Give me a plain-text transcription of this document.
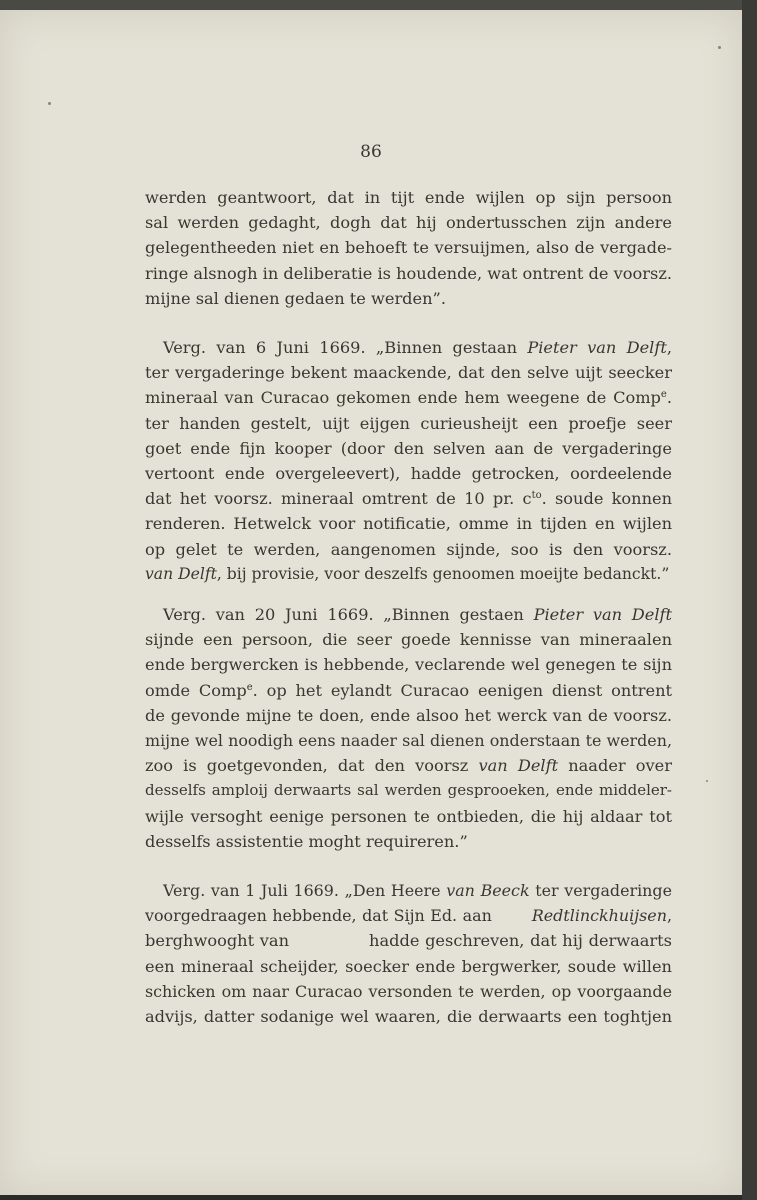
86
werden geantwoort, dat in tijt ende wijlen op sijn persoon
sal werden gedaght, dogh dat hij ondertusschen zijn andere
gelegentheeden niet en behoeft te versuijmen, also de vergade-
ringe alsnogh in deliberatie is houdende, wat ontrent de voorsz.
mijne sal dienen gedaen te werden”.
Verg. van 6 Juni 1669. „Binnen gestaan Pieter van Delft,
ter vergaderinge bekent maackende, dat den selve uijt seecker
mineraal van Curacao gekomen ende hem weegene de Comp$^e$.
ter handen gestelt, uijt eijgen curieusheijt een proefje seer
goet ende fijn kooper (door den selven aan de vergaderinge
vertoont ende overgeleevert), hadde getrocken, oordeelende
dat het voorsz. mineraal omtrent de 10 pr. $c^{to}$. soude konnen
renderen. Hetwelck voor notificatie, omme in tijden en wijlen
op gelet te werden, aangenomen sijnde, soo is den voorsz.
van Delft, bij provisie, voor deszelfs genoomen moeijte bedanckt.”
Verg. van 20 Juni 1669. „Binnen gestaen Pieter van Delft
sijnde een persoon, die seer goede kennisse van mineraalen
ende bergwercken is hebbende, veclarende wel genegen te sijn
omde Comp$^e$. op het eylandt Curacao eenigen dienst ontrent
de gevonde mijne te doen, ende alsoo het werck van de voorsz.
mijne wel noodigh eens naader sal dienen onderstaan te werden,
zoo is goetgevonden, dat den voorsz van Delft naader over
desselfs amploij derwaarts sal werden gesprooeken, ende middeler-
wijle versoght eenige personen te ontbieden, die hij aldaar tot
desselfs assistentie moght requireren.”
Verg. van 1 Juli 1669. „Den Heere van Beeck ter vergaderinge
voorgedraagen hebbende, dat Sijn Ed. aan	Redtlinckhuijsen,
berghwooght van	hadde geschreven, dat hij derwaarts
een mineraal scheijder, soecker ende bergwerker, soude willen
schicken om naar Curacao versonden te werden, op voorgaande
advijs, datter sodanige wel waaren, die derwaarts een toghtjen
